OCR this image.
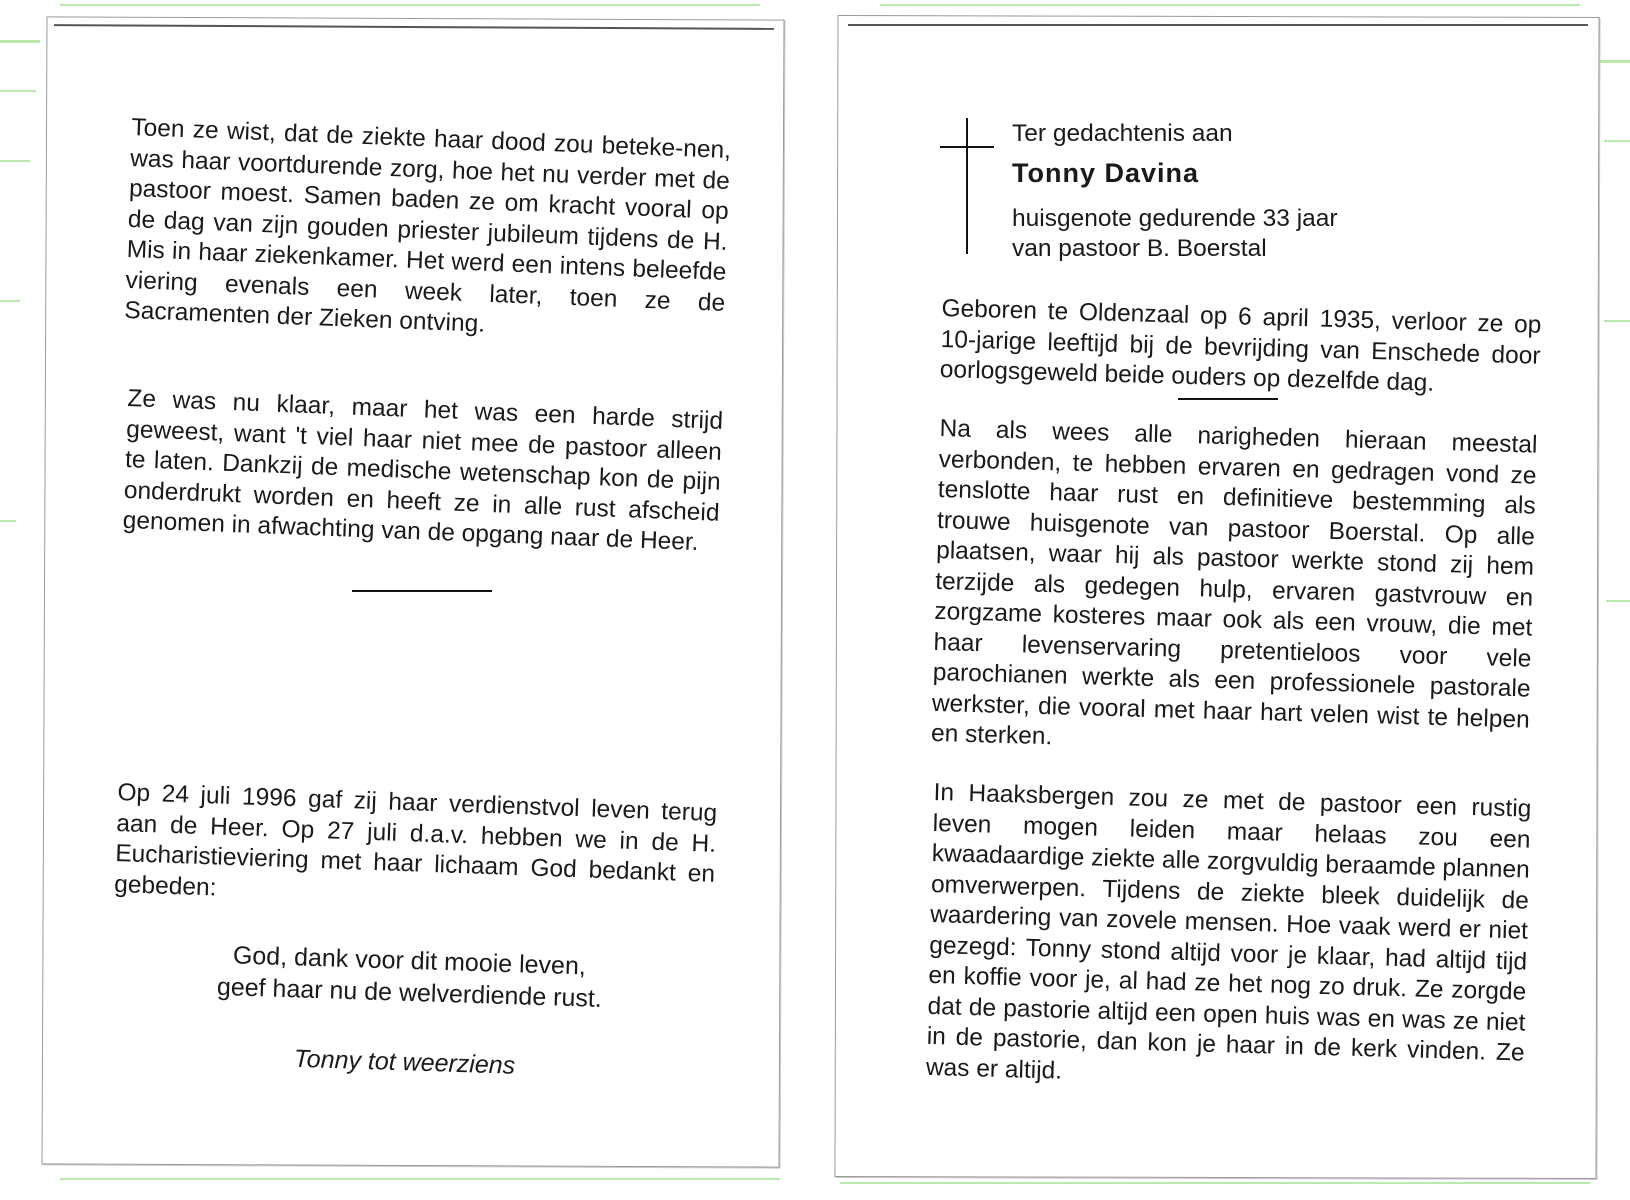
Toen ze wist, dat de ziekte haar dood zou beteke-nen, was haar voortdurende zorg, hoe het nu verder met de pastoor moest. Samen baden ze om kracht vooral op de dag van zijn gouden priester jubileum tijdens de H. Mis in haar ziekenkamer. Het werd een intens beleefde viering evenals een week later, toen ze de Sacramenten der Zieken ontving.

Ze was nu klaar, maar het was een harde strijd geweest, want 't viel haar niet mee de pastoor alleen te laten. Dankzij de medische wetenschap kon de pijn onderdrukt worden en heeft ze in alle rust afscheid genomen in afwachting van de opgang naar de Heer.

Op 24 juli 1996 gaf zij haar verdienstvol leven terug aan de Heer. Op 27 juli d.a.v. hebben we in de H. Eucharistieviering met haar lichaam God bedankt en gebeden:

God, dank voor dit mooie leven,

geef haar nu de welverdiende rust.

Tonny tot weerziens

Ter gedachtenis aan

Tonny Davina

huisgenote gedurende 33 jaar

van pastoor B. Boerstal

Geboren te Oldenzaal op 6 april 1935, verloor ze op 10-jarige leeftijd bij de bevrijding van Enschede door oorlogsgeweld beide ouders op dezelfde dag.

Na als wees alle narigheden hieraan meestal verbonden, te hebben ervaren en gedragen vond ze tenslotte haar rust en definitieve bestemming als trouwe huisgenote van pastoor Boerstal. Op alle plaatsen, waar hij als pastoor werkte stond zij hem terzijde als gedegen hulp, ervaren gastvrouw en zorgzame kosteres maar ook als een vrouw, die met haar levenservaring pretentieloos voor vele parochianen werkte als een professionele pastorale werkster, die vooral met haar hart velen wist te helpen en sterken.

In Haaksbergen zou ze met de pastoor een rustig leven mogen leiden maar helaas zou een kwaadaardige ziekte alle zorgvuldig beraamde plannen omverwerpen. Tijdens de ziekte bleek duidelijk de waardering van zovele mensen. Hoe vaak werd er niet gezegd: Tonny stond altijd voor je klaar, had altijd tijd en koffie voor je, al had ze het nog zo druk. Ze zorgde dat de pastorie altijd een open huis was en was ze niet in de pastorie, dan kon je haar in de kerk vinden. Ze was er altijd.
